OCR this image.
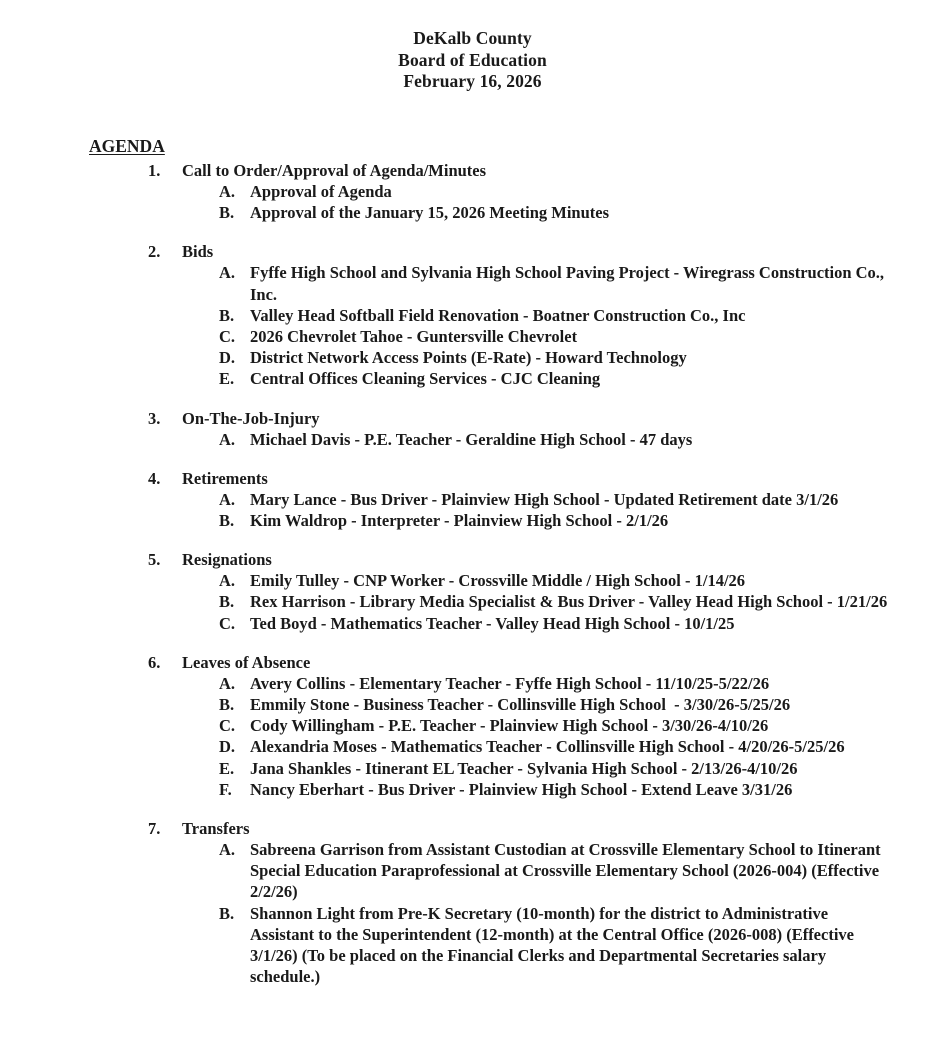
DeKalb County
Board of Education
February 16, 2026
AGENDA
1.	Call to Order/Approval of Agenda/Minutes
A. Approval of Agenda
B. Approval of the January 15, 2026 Meeting Minutes
2.	Bids
A. Fyffe High School and Sylvania High School Paving Project - Wiregrass Construction Co., Inc.
B. Valley Head Softball Field Renovation - Boatner Construction Co., Inc
C. 2026 Chevrolet Tahoe - Guntersville Chevrolet
D. District Network Access Points (E-Rate) - Howard Technology
E. Central Offices Cleaning Services - CJC Cleaning
3.	On-The-Job-Injury
A. Michael Davis - P.E. Teacher - Geraldine High School - 47 days
4.	Retirements
A. Mary Lance - Bus Driver - Plainview High School - Updated Retirement date 3/1/26
B. Kim Waldrop - Interpreter - Plainview High School - 2/1/26
5.	Resignations
A. Emily Tulley - CNP Worker - Crossville Middle / High School - 1/14/26
B. Rex Harrison - Library Media Specialist & Bus Driver - Valley Head High School - 1/21/26
C. Ted Boyd - Mathematics Teacher - Valley Head High School - 10/1/25
6.	Leaves of Absence
A. Avery Collins - Elementary Teacher - Fyffe High School - 11/10/25-5/22/26
B. Emmily Stone - Business Teacher - Collinsville High School  - 3/30/26-5/25/26
C. Cody Willingham - P.E. Teacher - Plainview High School - 3/30/26-4/10/26
D. Alexandria Moses - Mathematics Teacher - Collinsville High School - 4/20/26-5/25/26
E. Jana Shankles - Itinerant EL Teacher - Sylvania High School - 2/13/26-4/10/26
F.	Nancy Eberhart - Bus Driver - Plainview High School - Extend Leave 3/31/26
7.	Transfers
A. Sabreena Garrison from Assistant Custodian at Crossville Elementary School to Itinerant Special Education Paraprofessional at Crossville Elementary School (2026-004) (Effective 2/2/26)
B. Shannon Light from Pre-K Secretary (10-month) for the district to Administrative Assistant to the Superintendent (12-month) at the Central Office (2026-008) (Effective 3/1/26) (To be placed on the Financial Clerks and Departmental Secretaries salary schedule.)
